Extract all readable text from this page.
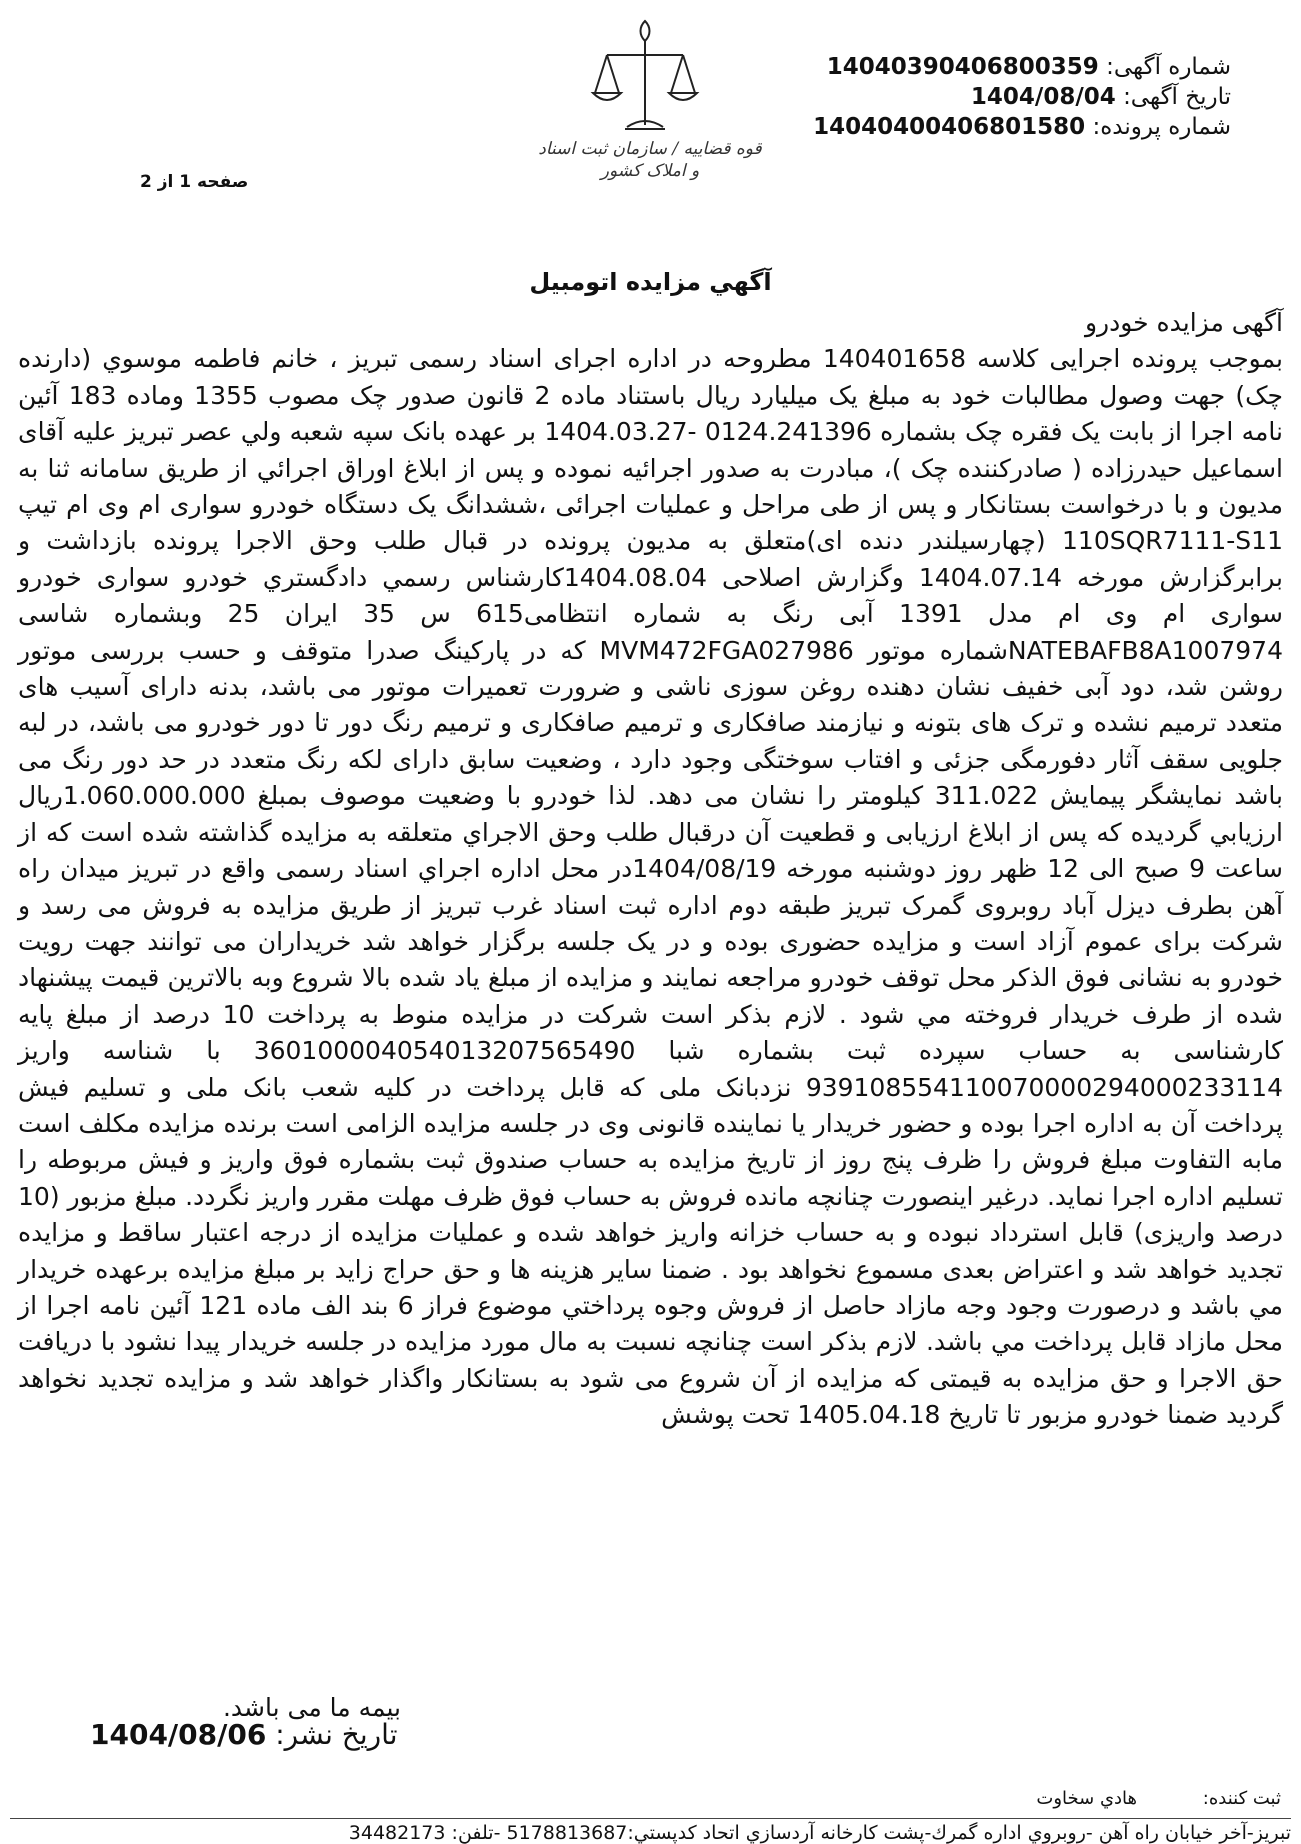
قوه قضاییه / سازمان ثبت اسناد و املاک کشور
شماره آگهی: 14040390406800359
تاریخ آگهی: 1404/08/04
شماره پرونده: 14040400406801580
صفحه 1 از 2
آگهي مزايده اتومبيل

آگهی مزایده خودرو

بموجب پرونده اجرایی کلاسه 140401658 مطروحه در اداره اجرای اسناد رسمی تبریز ، خانم فاطمه موسوي (دارنده چک) جهت وصول مطالبات خود به مبلغ یک میلیارد ریال باستناد ماده 2 قانون صدور چک مصوب 1355 وماده 183 آئین نامه اجرا از بابت یک فقره چک بشماره 0124.241396 -1404.03.27 بر عهده بانک سپه شعبه ولي عصر تبریز علیه آقای اسماعیل حیدرزاده ( صادرکننده چک )، مبادرت به صدور اجرائیه نموده و پس از ابلاغ اوراق اجرائي از طریق سامانه ثنا به مدیون و با درخواست بستانکار و پس از طی مراحل و عملیات اجرائی ،ششدانگ یک دستگاه خودرو سواری ام وی ام تیپ 110SQR7111-S11 (چهارسیلندر دنده ای)متعلق به مدیون پرونده در قبال طلب وحق الاجرا پرونده بازداشت و برابرگزارش مورخه 1404.07.14 وگزارش اصلاحی 1404.08.04کارشناس رسمي دادگستري خودرو سواری خودرو سواری ام وی ام مدل 1391 آبی رنگ به شماره انتظامی615 س 35 ایران 25 وبشماره شاسی NATEBAFB8A1007974شماره موتور MVM472FGA027986 که در پارکینگ صدرا متوقف و حسب بررسی موتور روشن شد، دود آبی خفیف نشان دهنده روغن سوزی ناشی و ضرورت تعمیرات موتور می باشد، بدنه دارای آسیب های متعدد ترمیم نشده و ترک های بتونه و نیازمند صافکاری و ترمیم صافکاری و ترمیم رنگ دور تا دور خودرو می باشد، در لبه جلویی سقف آثار دفورمگی جزئی و افتاب سوختگی وجود دارد ، وضعیت سابق دارای لکه رنگ متعدد در حد دور رنگ می باشد نمایشگر پیمایش 311.022 کیلومتر را نشان می دهد. لذا خودرو با وضعیت موصوف بمبلغ 1.060.000.000ریال ارزيابي گرديده که پس از ابلاغ ارزیابی و قطعیت آن درقبال طلب وحق الاجراي متعلقه به مزايده گذاشته شده است که از ساعت 9 صبح الی 12 ظهر روز دوشنبه مورخه 1404/08/19در محل اداره اجراي اسناد رسمی واقع در تبریز میدان راه آهن بطرف دیزل آباد روبروی گمرک تبریز طبقه دوم اداره ثبت اسناد غرب تبریز از طریق مزایده به فروش می رسد و شرکت برای عموم آزاد است و مزایده حضوری بوده و در یک جلسه برگزار خواهد شد خریداران می توانند جهت رویت خودرو به نشانی فوق الذکر محل توقف خودرو مراجعه نمایند و مزایده از مبلغ یاد شده بالا شروع وبه بالاترین قیمت پیشنهاد شده از طرف خریدار فروخته مي شود . لازم بذکر است شرکت در مزایده منوط به پرداخت 10 درصد از مبلغ پایه کارشناسی به حساب سپرده ثبت بشماره شبا 360100004054013207565490 با شناسه واریز 939108554110070000294000233114 نزدبانک ملی که قابل پرداخت در کلیه شعب بانک ملی و تسلیم فیش پرداخت آن به اداره اجرا بوده و حضور خریدار یا نماینده قانونی وی در جلسه مزایده الزامی است برنده مزایده مکلف است مابه التفاوت مبلغ فروش را ظرف پنج روز از تاریخ مزایده به حساب صندوق ثبت بشماره فوق واریز و فیش مربوطه را تسلیم اداره اجرا نماید. درغیر اینصورت چنانچه مانده فروش به حساب فوق ظرف مهلت مقرر واریز نگردد. مبلغ مزبور (10 درصد واریزی) قابل استرداد نبوده و به حساب خزانه واریز خواهد شده و عملیات مزایده از درجه اعتبار ساقط و مزایده تجدید خواهد شد و اعتراض بعدی مسموع نخواهد بود . ضمنا سایر هزینه ها و حق حراج زاید بر مبلغ مزایده برعهده خریدار مي باشد و درصورت وجود وجه مازاد حاصل از فروش وجوه پرداختي موضوع فراز 6 بند الف ماده 121 آئین نامه اجرا از محل مازاد قابل پرداخت مي باشد. لازم بذکر است چنانچه نسبت به مال مورد مزایده در جلسه خریدار پیدا نشود با دریافت حق الاجرا و حق مزایده به قیمتی که مزایده از آن شروع می شود به بستانکار واگذار خواهد شد و مزایده تجدید نخواهد گردید ضمنا خودرو مزبور تا تاریخ 1405.04.18 تحت پوشش

بیمه ما می باشد.
تاریخ نشر: 1404/08/06
ثبت كننده: هادي سخاوت
تبریز-آخر خیابان راه آهن -روبروي اداره گمرك-پشت كارخانه آردسازي اتحاد كدپستي:5178813687 -تلفن: 34482173
